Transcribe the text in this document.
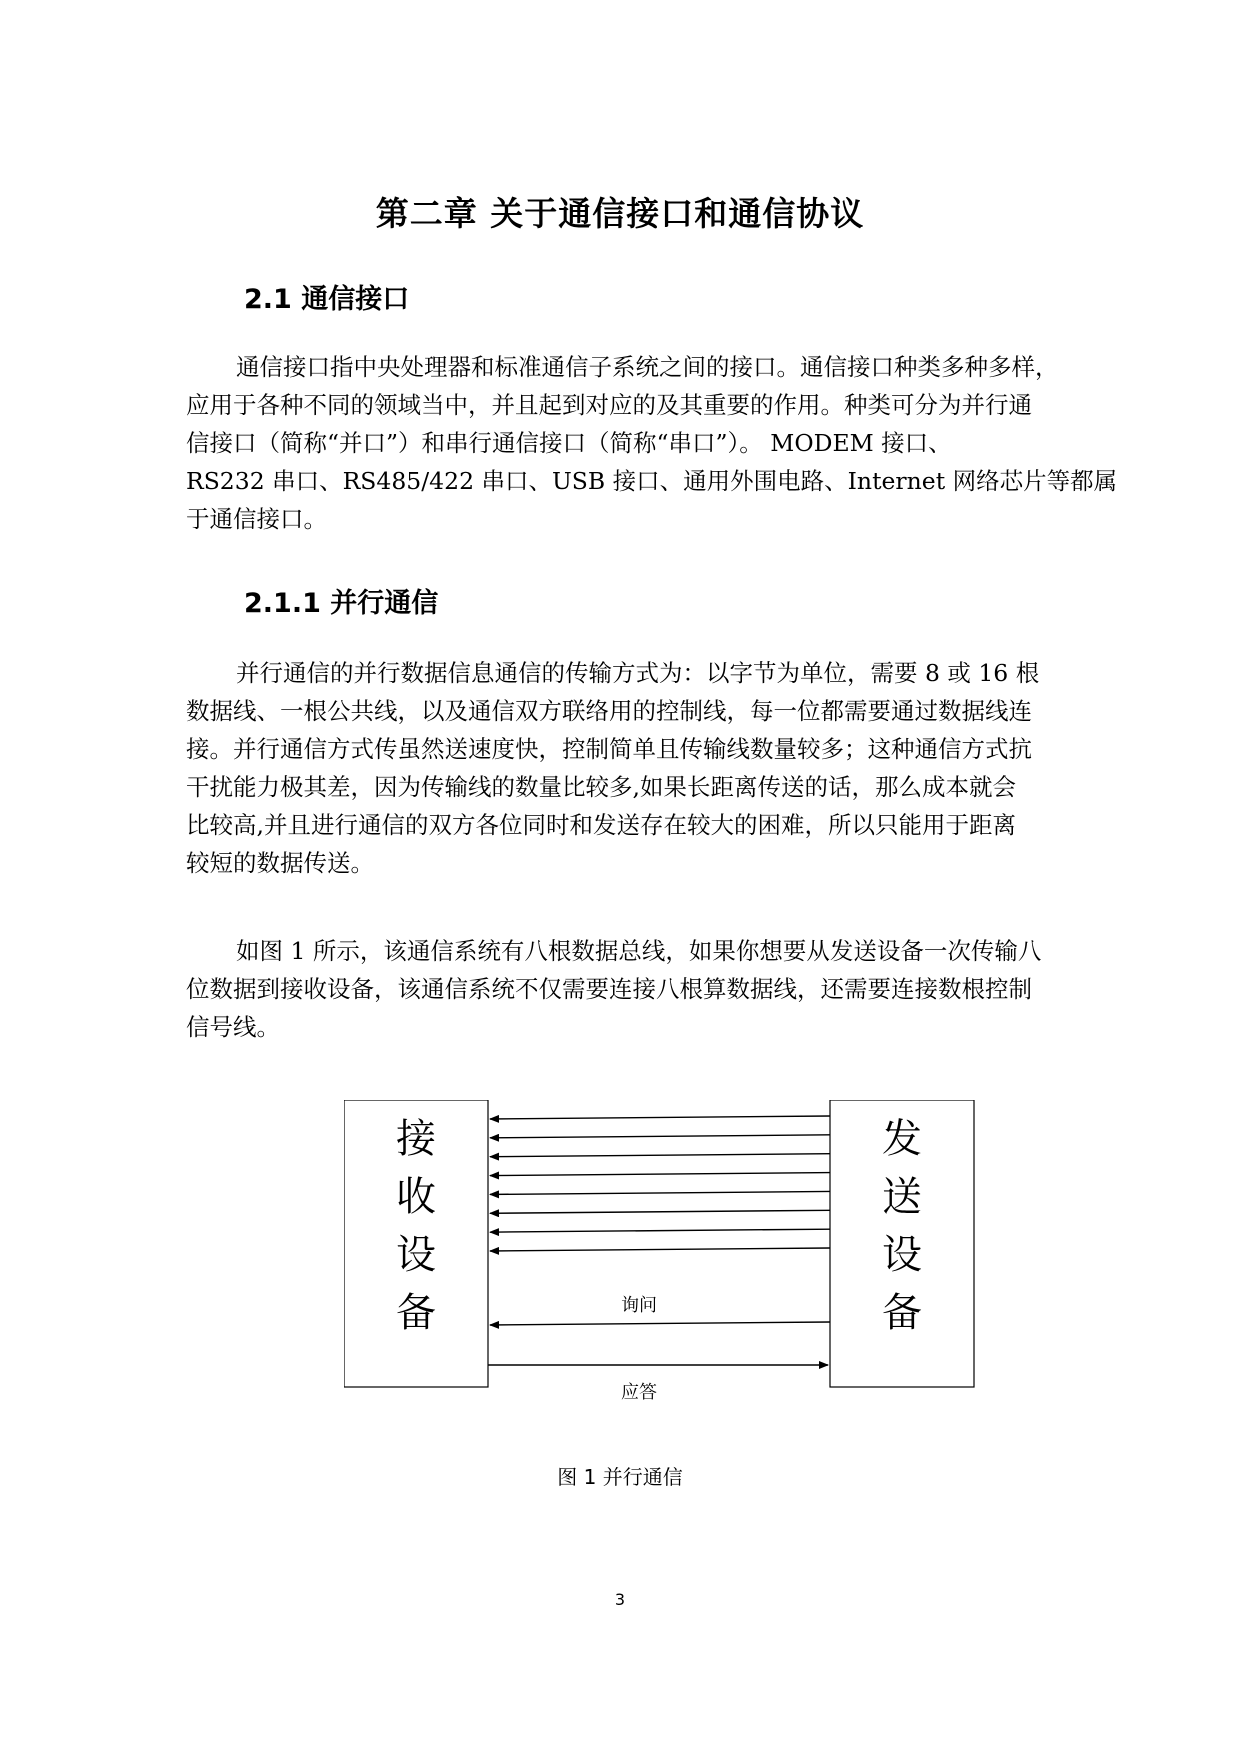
第二章 关于通信接口和通信协议
2.1 通信接口
通信接口指中央处理器和标准通信子系统之间的接口。通信接口种类多种多样，
应用于各种不同的领域当中，并且起到对应的及其重要的作用。种类可分为并行通
信接口（简称“并口”）和串行通信接口（简称“串口”）。 MODEM 接口、
RS232 串口、RS485/422 串口、USB 接口、通用外围电路、Internet 网络芯片等都属
于通信接口。
2.1.1 并行通信
并行通信的并行数据信息通信的传输方式为：以字节为单位，需要 8 或 16 根
数据线、一根公共线，以及通信双方联络用的控制线，每一位都需要通过数据线连
接。并行通信方式传虽然送速度快，控制简单且传输线数量较多；这种通信方式抗
干扰能力极其差，因为传输线的数量比较多,如果长距离传送的话，那么成本就会
比较高,并且进行通信的双方各位同时和发送存在较大的困难，所以只能用于距离
较短的数据传送。
如图 1 所示，该通信系统有八根数据总线，如果你想要从发送设备一次传输八
位数据到接收设备，该通信系统不仅需要连接八根算数据线，还需要连接数根控制
信号线。
接
收
设
备
发
送
设
备
询问
应答
图 1 并行通信
3
